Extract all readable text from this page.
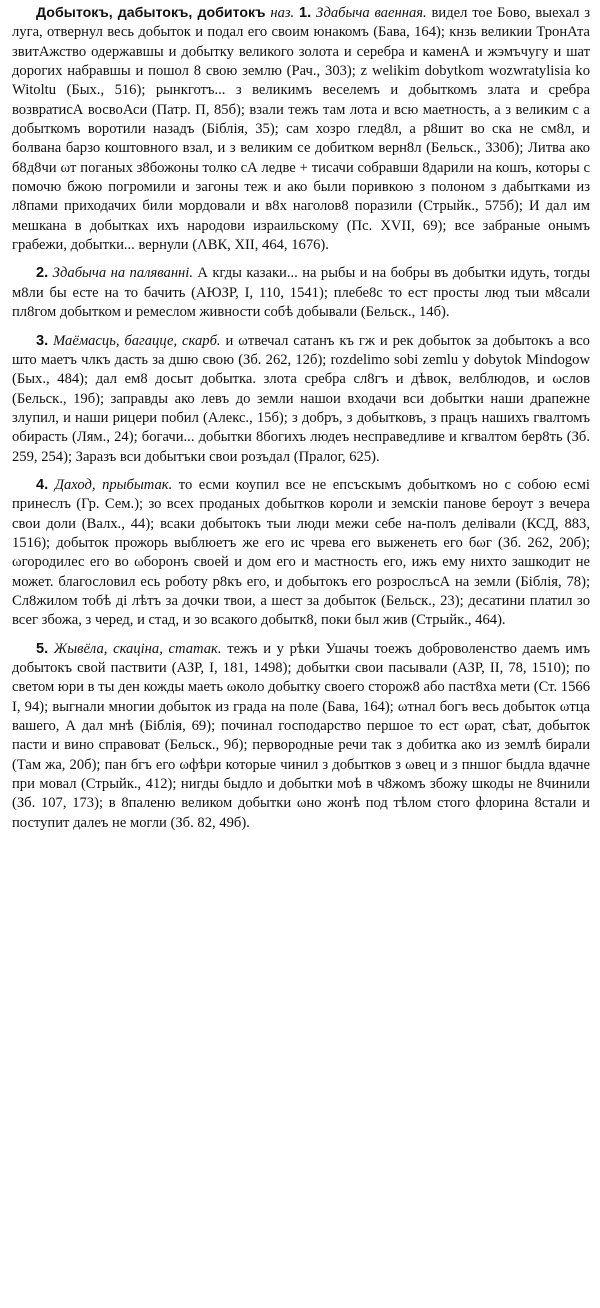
Добытокъ, дабытокъ, добитокъ наз. 1. Здабыча ваенная. видел тое Бово, выехал з луга, отвернул весь добыток и подал его своим юнакомъ (Бава, 164); кнзь великии ТронАта звитАжство одержавшы и добытку великого золота и серебра и каменА и жэмъчугу и шат дорогих набравшы и пошол 8 свою землю (Рач., 303); z welikim dobytkom wozwratylisia ko Witoltu (Бых., 516); рынкготъ... з великимъ веселемъ и добыткомъ злата и сребра возвратисА восвоАси (Патр. П, 85б); взали тежъ там лота и всю маетность, а з великим с а добыткомъ воротили назадъ (Біблія, 35); сам хозро глед8л, а р8шит во ска не см8л, и болвана барзо коштовного взал, и з великим се добитком верн8л (Бельск., 330б); Литва ако б8д8чи ωт поганых з8божоны толко сА ледве + тисачи собравши 8дарили на кошъ, которы с помочю бжою погромили и загоны теж и ако были поривкою з полоном з дабытками из л8пами приходачих били мордовали и в8х наголов8 поразили (Стрыйк., 575б); И дал им мешкана в добытках ихъ народови израильскому (Пс. XVII, 69); все забраные онымъ грабежи, добытки... вернули (ΛВК, XII, 464, 1676).

2. Здабыча на паляванні. А кгды казаки... на рыбы и на бобры въ добытки идуть, тогды м8ли бы есте на то бачить (АЮЗР, I, 110, 1541); плебе8с то ест просты люд тыи м8сали пл8гом добытком и ремеслом живности собѣ добывали (Бельск., 14б).

3. Маёмасць, багацце, скарб. и ωтвечал сатанъ къ гж и рек добыток за добытокъ а всо што маетъ члкъ дасть за дшю свою (Зб. 262, 12б); rozdelimo sobi zemlu у dobytok Mindogow (Бых., 484); дал ем8 досыт добытка. злота сребра сл8гъ и дѣвок, велблюдов, и ωслов (Бельск., 19б); заправды ако левъ до земли нашои входачи вси добытки наши драпежне злупил, и наши рицери побил (Алекс., 15б); з добръ, з добытковъ, з працъ нашихъ гвалтомъ обирасть (Лям., 24); богачи... добытки 8богихъ людеъ несправедливе и кгвалтом бер8ть (Зб. 259, 254); Заразъ вси добытъки свои розъдал (Пралог, 625).

4. Даход, прыбытак. то есми коупил все не епсъскымъ добыткомъ но с собою есмі принеслъ (Гр. Сем.); зо всех проданых добытков короли и земскіи панове бероут з вечера свои доли (Валх., 44); всаки добытокъ тыи люди межи себе на-полъ делівали (КСД, 883, 1516); добыток прожорь выблюетъ же его ис чрева его выженеть его бωг (Зб. 262, 20б); ωгородилес его во ωборонъ своей и дом его и мастность его, ижъ ему нихто зашкодит не может. благословил есь роботу р8къ его, и добытокъ его розрослъсА на земли (Біблія, 78); Сл8жилом тобѣ ді лѣтъ за дочки твои, а шест за добыток (Бельск., 23); десатини платил зо всег збожа, з черед, и стад, и зо всакого добытк8, поки был жив (Стрыйк., 464).

5. Жывёла, скаціна, статак. тежъ и у рѣки Ушачы тоежъ доброволенство даемъ имъ добытокъ свой паствити (АЗР, I, 181, 1498); добытки свои пасывали (АЗР, II, 78, 1510); по светом юри в ты ден кожды маеть ωколо добытку своего сторож8 або паст8ха мети (Ст. 1566 I, 94); выгнали многии добыток из града на поле (Бава, 164); ωтнал богъ весь добыток ωтца вашего, А дал мнѣ (Біблія, 69); починал господарство першое то ест ωрат, сѣат, добыток пасти и вино справоват (Бельск., 9б); первородные речи так з добитка ако из землѣ бирали (Там жа, 20б); пан бгъ его ωфѣри которые чинил з добытков з ωвец и з пншог быдла вдачне при мовал (Стрыйк., 412); нигды быдло и добытки моѣ в ч8жомъ збожу шкоды не 8чинили (Зб. 107, 173); в 8паленю великом добытки ωно жонѣ под тѣлом стого флорина 8стали и поступит далеъ не могли (Зб. 82, 49б).
